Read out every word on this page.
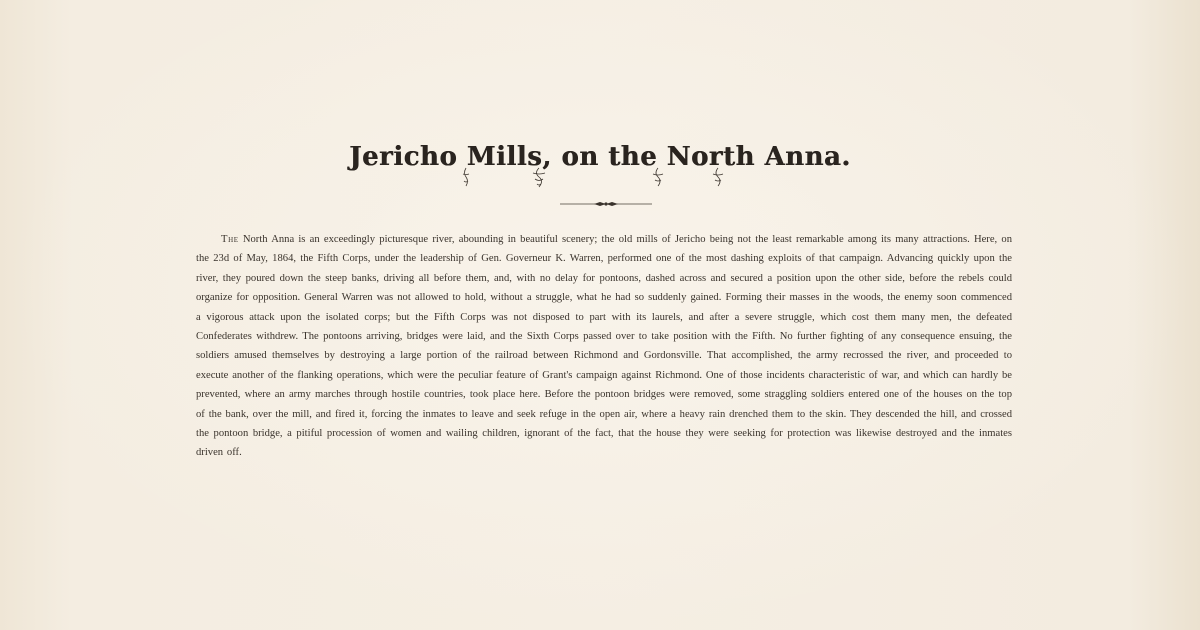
Jericho Mills, on the North Anna.

The North Anna is an exceedingly picturesque river, abounding in beautiful scenery; the old mills of Jericho being not the least remarkable among its many attractions. Here, on the 23d of May, 1864, the Fifth Corps, under the leadership of Gen. Governeur K. Warren, performed one of the most dashing exploits of that campaign. Advancing quickly upon the river, they poured down the steep banks, driving all before them, and, with no delay for pontoons, dashed across and secured a position upon the other side, before the rebels could organize for opposition. General Warren was not allowed to hold, without a struggle, what he had so suddenly gained. Forming their masses in the woods, the enemy soon commenced a vigorous attack upon the isolated corps; but the Fifth Corps was not disposed to part with its laurels, and after a severe struggle, which cost them many men, the defeated Confederates withdrew. The pontoons arriving, bridges were laid, and the Sixth Corps passed over to take position with the Fifth. No further fighting of any consequence ensuing, the soldiers amused themselves by destroying a large portion of the railroad between Richmond and Gordonsville. That accomplished, the army recrossed the river, and proceeded to execute another of the flanking operations, which were the peculiar feature of Grant's campaign against Richmond. One of those incidents characteristic of war, and which can hardly be prevented, where an army marches through hostile countries, took place here. Before the pontoon bridges were removed, some straggling soldiers entered one of the houses on the top of the bank, over the mill, and fired it, forcing the inmates to leave and seek refuge in the open air, where a heavy rain drenched them to the skin. They descended the hill, and crossed the pontoon bridge, a pitiful procession of women and wailing children, ignorant of the fact, that the house they were seeking for protection was likewise destroyed and the inmates driven off.
